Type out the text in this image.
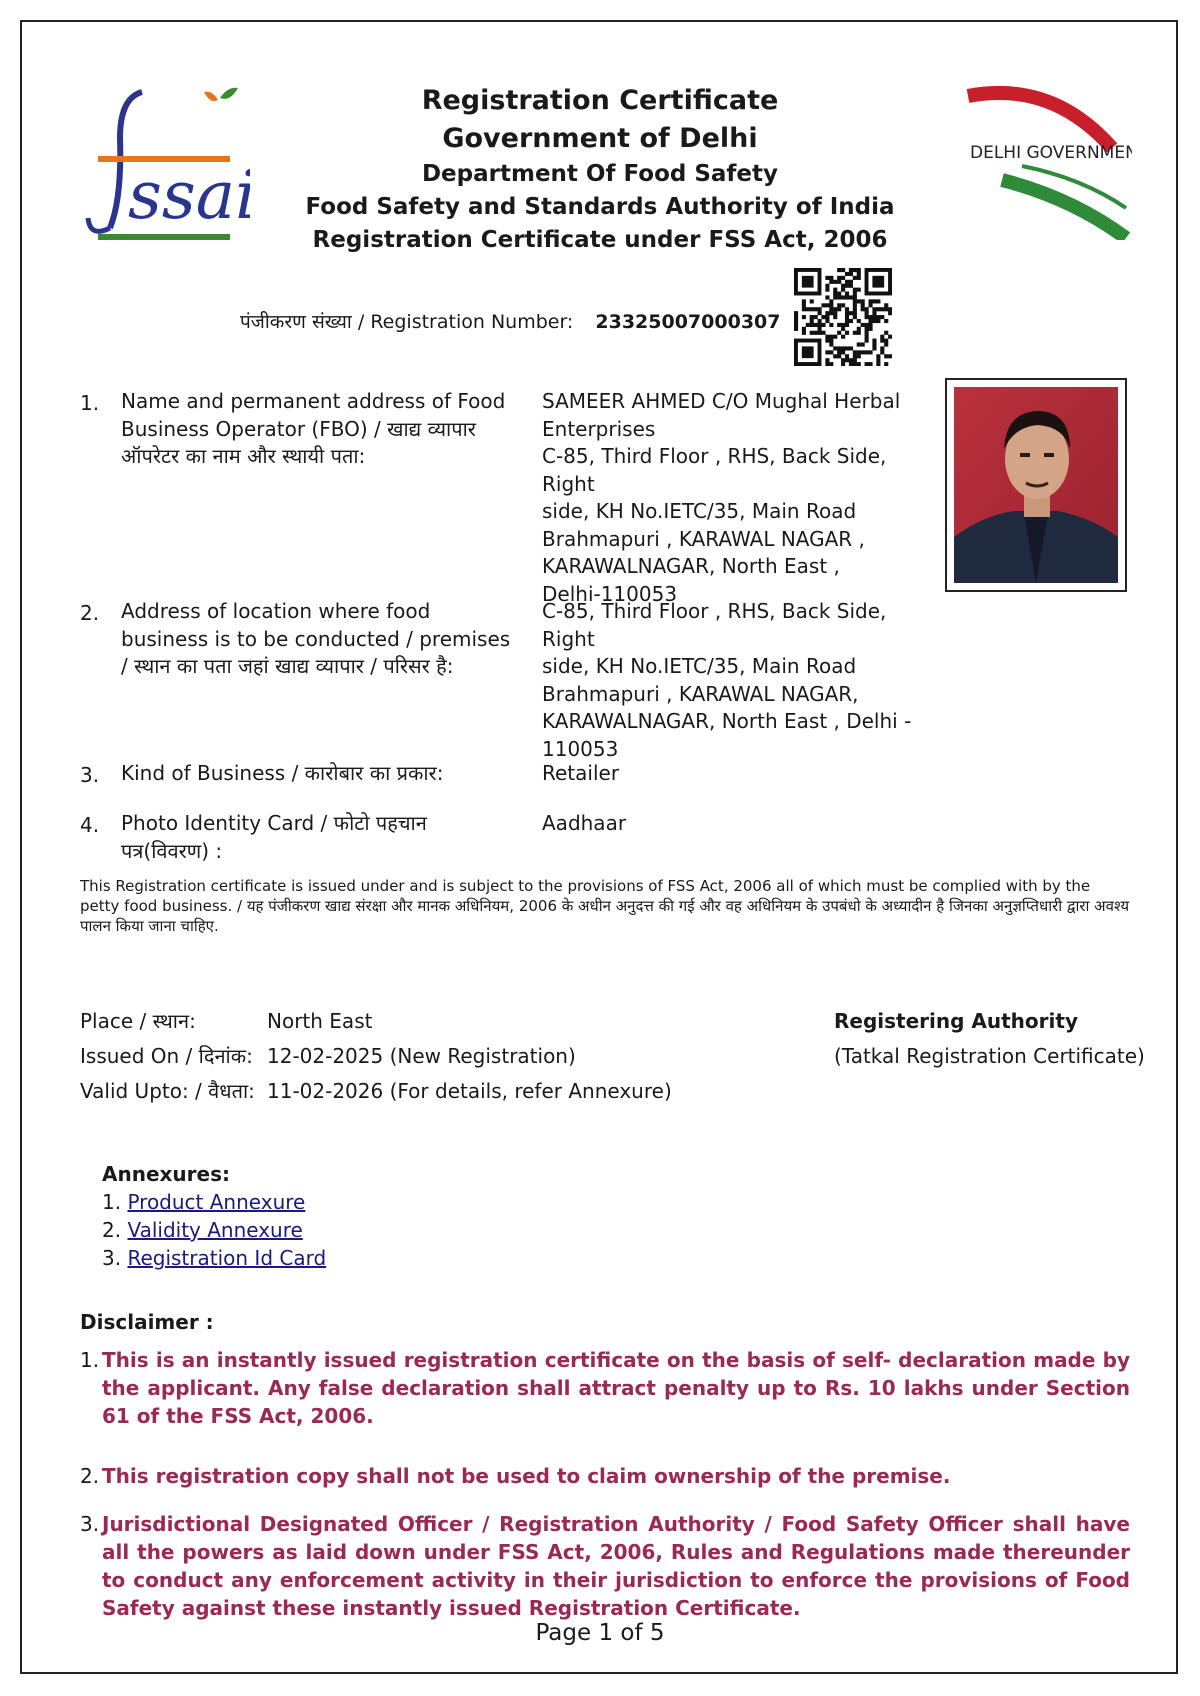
ssai
Registration Certificate
Government of Delhi
Department Of Food Safety
Food Safety and Standards Authority of India
Registration Certificate under FSS Act, 2006
DELHI GOVERNMENT
पंजीकरण संख्या / Registration Number: 23325007000307
1. Name and permanent address of Food Business Operator (FBO) / खाद्य व्यापार ऑपरेटर का नाम और स्थायी पता:
SAMEER AHMED C/O Mughal Herbal
Enterprises
C-85, Third Floor , RHS, Back Side, Right
side, KH No.IETC/35, Main Road
Brahmapuri , KARAWAL NAGAR ,
KARAWALNAGAR, North East ,
Delhi-110053
2. Address of location where food business is to be conducted / premises / स्थान का पता जहां खाद्य व्यापार / परिसर है:
C-85, Third Floor , RHS, Back Side, Right
side, KH No.IETC/35, Main Road
Brahmapuri , KARAWAL NAGAR,
KARAWALNAGAR, North East , Delhi -
110053
3. Kind of Business / कारोबार का प्रकार:	Retailer
4. Photo Identity Card / फोटो पहचान पत्र(विवरण) :
Aadhaar
This Registration certificate is issued under and is subject to the provisions of FSS Act, 2006 all of which must be complied with by the petty food business. / यह पंजीकरण खाद्य संरक्षा और मानक अधिनियम, 2006 के अधीन अनुदत्त की गई और वह अधिनियम के उपबंधो के अध्यादीन है जिनका अनुज्ञप्तिधारी द्वारा अवश्य पालन किया जाना चाहिए.
Place / स्थान:	North East
Issued On / दिनांक: 12-02-2025 (New Registration)
Valid Upto: / वैधता: 11-02-2026 (For details, refer Annexure)
Registering Authority
(Tatkal Registration Certificate)
Annexures:
1. Product Annexure
2. Validity Annexure
3. Registration Id Card
Disclaimer :
1. This is an instantly issued registration certificate on the basis of self- declaration made by the applicant. Any false declaration shall attract penalty up to Rs. 10 lakhs under Section 61 of the FSS Act, 2006.
2. This registration copy shall not be used to claim ownership of the premise.
3. Jurisdictional Designated Officer / Registration Authority / Food Safety Officer shall have all the powers as laid down under FSS Act, 2006, Rules and Regulations made thereunder to conduct any enforcement activity in their jurisdiction to enforce the provisions of Food Safety against these instantly issued Registration Certificate.
Page 1 of 5
